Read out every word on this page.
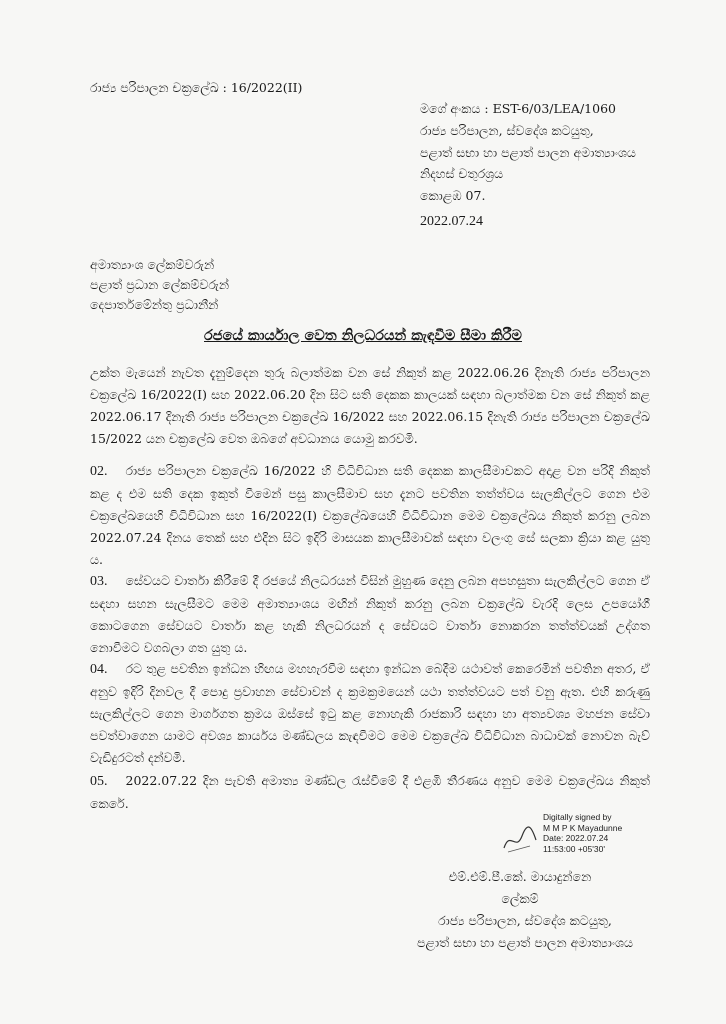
රාජ්‍ය පරිපාලන චක්‍රලේඛ : 16/2022(II)
මගේ අංකය : EST-6/03/LEA/1060
රාජ්‍ය පරිපාලන, ස්වදේශ කටයුතු,
පළාත් සභා හා පළාත් පාලන අමාත්‍යාංශය
නිදහස් චතුරශ්‍රය
කොළඹ 07.
2022.07.24
අමාත්‍යාංශ ලේකම්වරුන්
පළාත් ප්‍රධාන ලේකම්වරුන්
දෙපාර්තමේන්තු ප්‍රධානීන්
රජයේ කාර්යාල වෙත නිලධරයන් කැඳවීම සීමා කිරීම
උක්ත මැයෙන් නැවත දැනුම්දෙන තුරු බලාත්මක වන සේ නිකුත් කළ 2022.06.26 දිනැති රාජ්‍ය පරිපාලන චක්‍රලේඛ 16/2022(I) සහ 2022.06.20 දින සිට සති දෙකක කාලයක් සඳහා බලාත්මක වන සේ නිකුත් කළ 2022.06.17 දිනැති රාජ්‍ය පරිපාලන චක්‍රලේඛ 16/2022 සහ 2022.06.15 දිනැති රාජ්‍ය පරිපාලන චක්‍රලේඛ 15/2022 යන චක්‍රලේඛ වෙත ඔබගේ අවධානය යොමු කරවමි.
02. රාජ්‍ය පරිපාලන චක්‍රලේඛ 16/2022 හි විධිවිධාන සති දෙකක කාලසීමාවකට අදාළ වන පරිදි නිකුත් කළ ද එම සති දෙක ඉකුත් වීමෙන් පසු කාලසීමාව සහ දැනට පවතින තත්ත්වය සැලකිල්ලට ගෙන එම චක්‍රලේඛයෙහි විධිවිධාන සහ 16/2022(I) චක්‍රලේඛයෙහි විධිවිධාන මෙම චක්‍රලේඛය නිකුත් කරනු ලබන 2022.07.24 දිනය තෙක් සහ එදින සිට ඉදිරි මාසයක කාලසීමාවක් සඳහා වලංගු සේ සලකා ක්‍රියා කළ යුතු ය.
03. සේවයට වාර්තා කිරීමේ දී රජයේ නිලධරයන් විසින් මුහුණ දෙනු ලබන අපහසුතා සැලකිල්ලට ගෙන ඒ සඳහා සහන සැලසීමට මෙම අමාත්‍යාංශය මඟින් නිකුත් කරනු ලබන චක්‍රලේඛ වැරදි ලෙස උපයෝගී කොටගෙන සේවයට වාර්තා කළ හැකි නිලධරයන් ද සේවයට වාර්තා නොකරන තත්ත්වයක් උද්ගත නොවීමට වගබලා ගත යුතු ය.
04. රට තුළ පවතින ඉන්ධන හිඟය මහහැරවීම සඳහා ඉන්ධන බෙදීම යථාවත් කෙරෙමින් පවතින අතර, ඒ අනුව ඉදිරි දිනවල දී පොදු ප්‍රවාහන සේවාවන් ද ක්‍රමක්‍රමයෙන් යථා තත්ත්වයට පත් වනු ඇත. එහි කරුණු සැලකිල්ලට ගෙන මාර්ගගත ක්‍රමය ඔස්සේ ඉටු කළ නොහැකි රාජකාරි සඳහා හා අත්‍යවශ්‍ය මහජන සේවා පවත්වාගෙන යාමට අවශ්‍ය කාර්යය මණ්ඩලය කැඳවීමට මෙම චක්‍රලේඛ විධිවිධාන බාධාවක් නොවන බැව් වැඩිදුරටත් දන්වමි.
05. 2022.07.22 දින පැවති අමාත්‍ය මණ්ඩල රැස්වීමේ දී එළඹි තීරණය අනුව මෙම චක්‍රලේඛය නිකුත් කෙරේ.
Digitally signed by
M M P K Mayadunne
Date: 2022.07.24
11:53:00 +05'30'
එම්.එම්.පී.කේ. මායාදුන්නෙ
ලේකම්
රාජ්‍ය පරිපාලන, ස්වදේශ කටයුතු,
පළාත් සභා හා පළාත් පාලන අමාත්‍යාංශය
